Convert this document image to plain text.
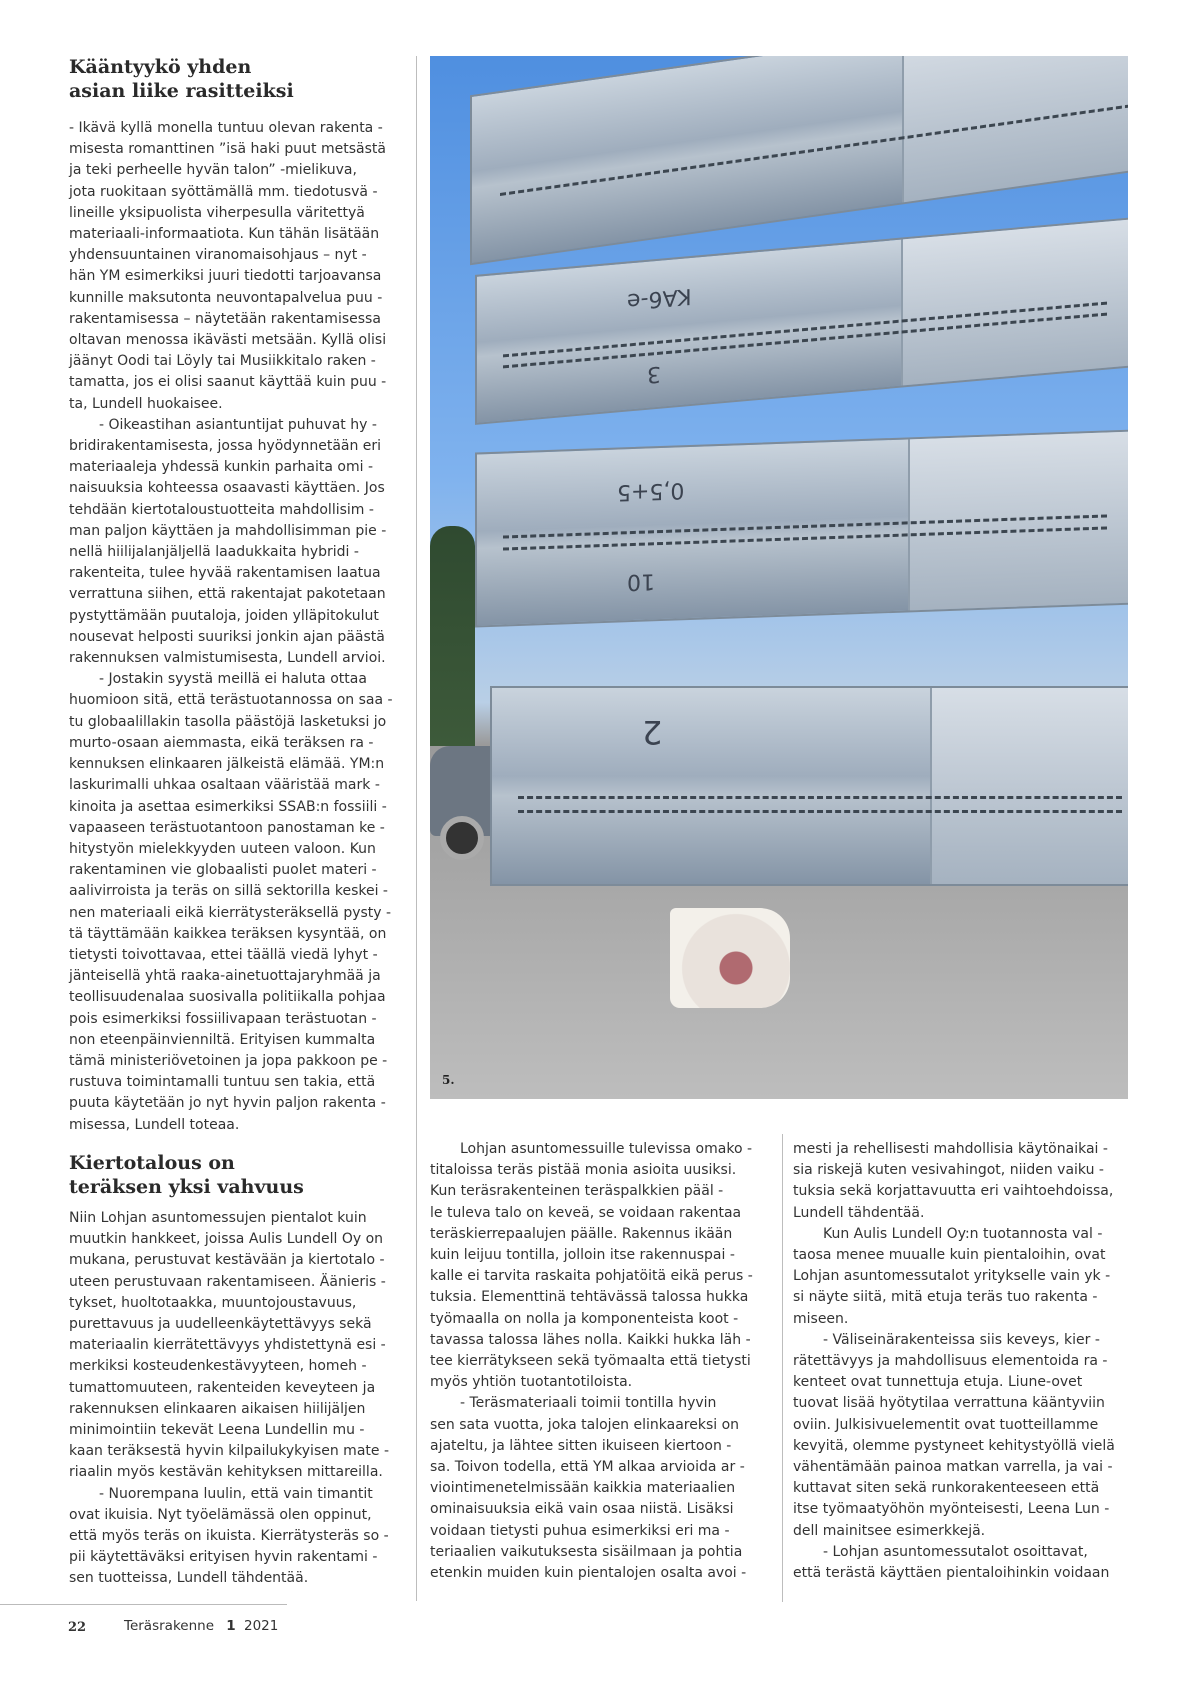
Kääntyykö yhden
asian liike rasitteiksi
- Ikävä kyllä monella tuntuu olevan rakenta -
misesta romanttinen ”isä haki puut metsästä
ja teki perheelle hyvän talon” -mielikuva,
jota ruokitaan syöttämällä mm. tiedotusvä -
lineille yksipuolista viherpesulla väritettyä
materiaali-informaatiota. Kun tähän lisätään
yhdensuuntainen viranomaisohjaus – nyt -
hän YM esimerkiksi juuri tiedotti tarjoavansa
kunnille maksutonta neuvontapalvelua puu -
rakentamisessa – näytetään rakentamisessa
oltavan menossa ikävästi metsään. Kyllä olisi
jäänyt Oodi tai Löyly tai Musiikkitalo raken -
tamatta, jos ei olisi saanut käyttää kuin puu -
ta, Lundell huokaisee.
- Oikeastihan asiantuntijat puhuvat hy -
bridirakentamisesta, jossa hyödynnetään eri
materiaaleja yhdessä kunkin parhaita omi -
naisuuksia kohteessa osaavasti käyttäen. Jos
tehdään kiertotaloustuotteita mahdollisim -
man paljon käyttäen ja mahdollisimman pie -
nellä hiilijalanjäljellä laadukkaita hybridi -
rakenteita, tulee hyvää rakentamisen laatua
verrattuna siihen, että rakentajat pakotetaan
pystyttämään puutaloja, joiden ylläpitokulut
nousevat helposti suuriksi jonkin ajan päästä
rakennuksen valmistumisesta, Lundell arvioi.
- Jostakin syystä meillä ei haluta ottaa
huomioon sitä, että terästuotannossa on saa -
tu globaalillakin tasolla päästöjä lasketuksi jo
murto-osaan aiemmasta, eikä teräksen ra -
kennuksen elinkaaren jälkeistä elämää. YM:n
laskurimalli uhkaa osaltaan vääristää mark -
kinoita ja asettaa esimerkiksi SSAB:n fossiili -
vapaaseen terästuotantoon panostaman ke -
hitystyön mielekkyyden uuteen valoon. Kun
rakentaminen vie globaalisti puolet materi -
aalivirroista ja teräs on sillä sektorilla keskei -
nen materiaali eikä kierrätysteräksellä pysty -
tä täyttämään kaikkea teräksen kysyntää, on
tietysti toivottavaa, ettei täällä viedä lyhyt -
jänteisellä yhtä raaka-ainetuottajaryhmää ja
teollisuudenalaa suosivalla politiikalla pohjaa
pois esimerkiksi fossiilivapaan terästuotan -
non eteenpäinvienniltä. Erityisen kummalta
tämä ministeriövetoinen ja jopa pakkoon pe -
rustuva toimintamalli tuntuu sen takia, että
puuta käytetään jo nyt hyvin paljon rakenta -
misessa, Lundell toteaa.
Kiertotalous on
teräksen yksi vahvuus
Niin Lohjan asuntomessujen pientalot kuin
muutkin hankkeet, joissa Aulis Lundell Oy on
mukana, perustuvat kestävään ja kiertotalo -
uteen perustuvaan rakentamiseen. Äänieris -
tykset, huoltotaakka, muuntojoustavuus,
purettavuus ja uudelleenkäytettävyys sekä
materiaalin kierrätettävyys yhdistettynä esi -
merkiksi kosteudenkestävyyteen, homeh -
tumattomuuteen, rakenteiden keveyteen ja
rakennuksen elinkaaren aikaisen hiilijäljen
minimointiin tekevät Leena Lundellin mu -
kaan teräksestä hyvin kilpailukykyisen mate -
riaalin myös kestävän kehityksen mittareilla.
- Nuorempana luulin, että vain timantit
ovat ikuisia. Nyt työelämässä olen oppinut,
että myös teräs on ikuista. Kierrätysteräs so -
pii käytettäväksi erityisen hyvin rakentami -
sen tuotteissa, Lundell tähdentää.
Lohjan asuntomessuille tulevissa omako -
titaloissa teräs pistää monia asioita uusiksi.
Kun teräsrakenteinen teräspalkkien pääl -
le tuleva talo on keveä, se voidaan rakentaa
teräskierrepaalujen päälle. Rakennus ikään
kuin leijuu tontilla, jolloin itse rakennuspai -
kalle ei tarvita raskaita pohjatöitä eikä perus -
tuksia. Elementtinä tehtävässä talossa hukka
työmaalla on nolla ja komponenteista koot -
tavassa talossa lähes nolla. Kaikki hukka läh -
tee kierrätykseen sekä työmaalta että tietysti
myös yhtiön tuotantotiloista.
- Teräsmateriaali toimii tontilla hyvin
sen sata vuotta, joka talojen elinkaareksi on
ajateltu, ja lähtee sitten ikuiseen kiertoon -
sa. Toivon todella, että YM alkaa arvioida ar -
viointimenetelmissään kaikkia materiaalien
ominaisuuksia eikä vain osaa niistä. Lisäksi
voidaan tietysti puhua esimerkiksi eri ma -
teriaalien vaikutuksesta sisäilmaan ja pohtia
etenkin muiden kuin pientalojen osalta avoi -
mesti ja rehellisesti mahdollisia käytönaikai -
sia riskejä kuten vesivahingot, niiden vaiku -
tuksia sekä korjattavuutta eri vaihtoehdoissa,
Lundell tähdentää.
Kun Aulis Lundell Oy:n tuotannosta val -
taosa menee muualle kuin pientaloihin, ovat
Lohjan asuntomessutalot yritykselle vain yk -
si näyte siitä, mitä etuja teräs tuo rakenta -
miseen.
- Väliseinärakenteissa siis keveys, kier -
rätettävyys ja mahdollisuus elementoida ra -
kenteet ovat tunnettuja etuja. Liune-ovet
tuovat lisää hyötytilaa verrattuna kääntyviin
oviin. Julkisivuelementit ovat tuotteillamme
kevyitä, olemme pystyneet kehitystyöllä vielä
vähentämään painoa matkan varrella, ja vai -
kuttavat siten sekä runkorakenteeseen että
itse työmaatyöhön myönteisesti, Leena Lun -
dell mainitsee esimerkkejä.
- Lohjan asuntomessutalot osoittavat,
että terästä käyttäen pientaloihinkin voidaan
KA6-e
3
0,5+5
10
2
5.
22	Teräsrakenne 1 2021
